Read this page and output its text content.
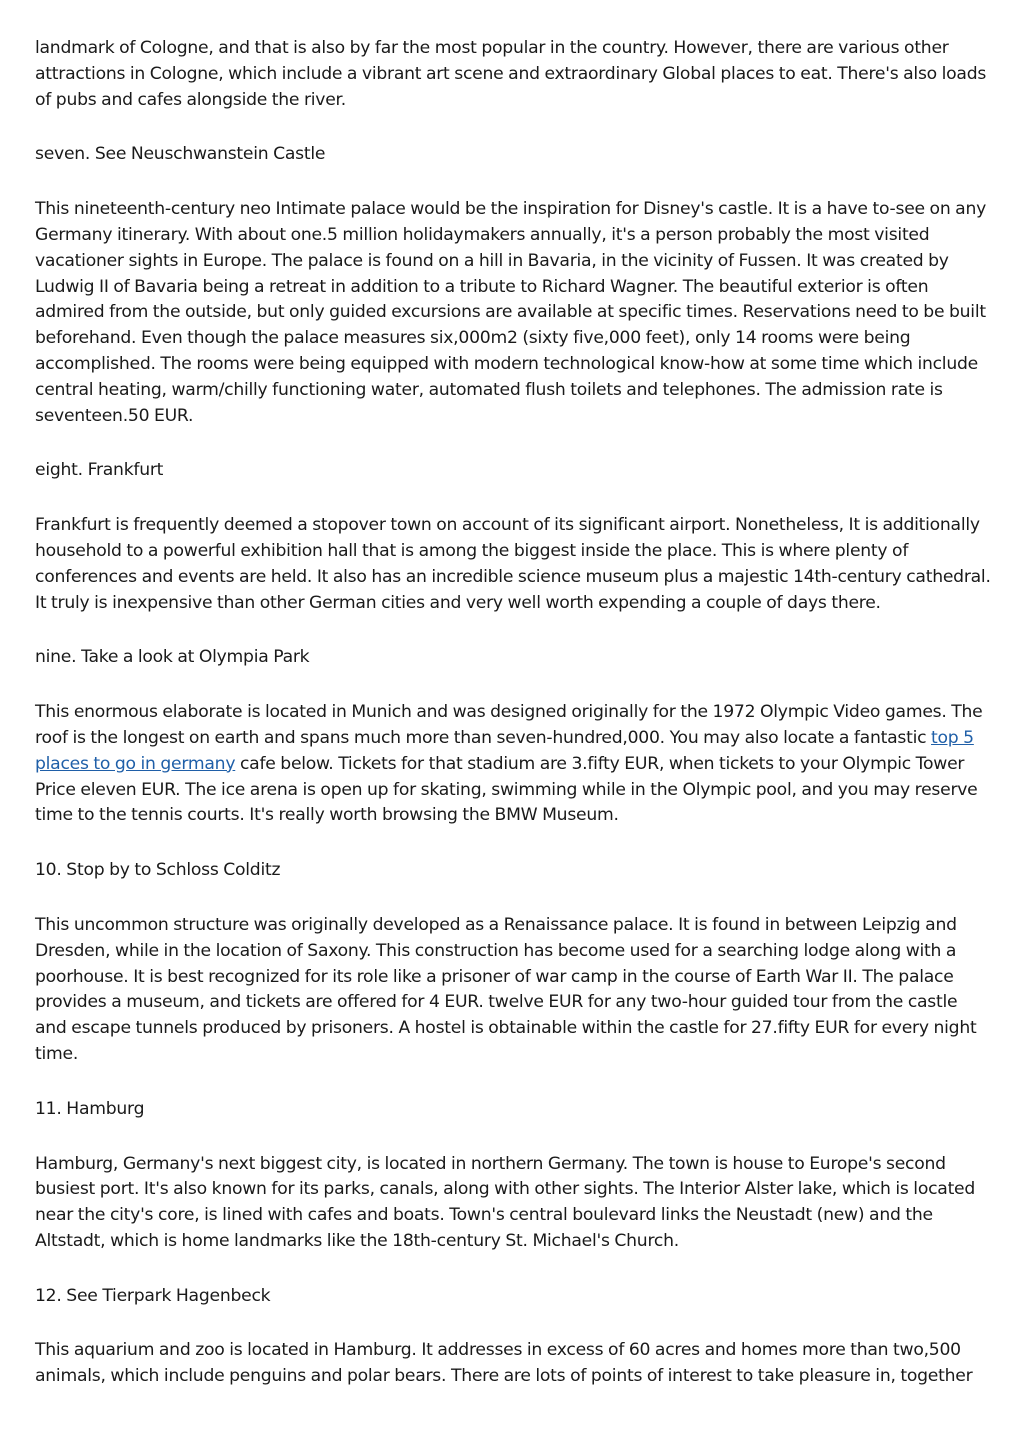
landmark of Cologne, and that is also by far the most popular in the country. However, there are various other attractions in Cologne, which include a vibrant art scene and extraordinary Global places to eat. There's also loads of pubs and cafes alongside the river.

seven. See Neuschwanstein Castle

This nineteenth-century neo Intimate palace would be the inspiration for Disney's castle. It is a have to-see on any Germany itinerary. With about one.5 million holidaymakers annually, it's a person probably the most visited vacationer sights in Europe. The palace is found on a hill in Bavaria, in the vicinity of Fussen. It was created by Ludwig II of Bavaria being a retreat in addition to a tribute to Richard Wagner. The beautiful exterior is often admired from the outside, but only guided excursions are available at specific times. Reservations need to be built beforehand. Even though the palace measures six,000m2 (sixty five,000 feet), only 14 rooms were being accomplished. The rooms were being equipped with modern technological know-how at some time which include central heating, warm/chilly functioning water, automated flush toilets and telephones. The admission rate is seventeen.50 EUR.

eight. Frankfurt

Frankfurt is frequently deemed a stopover town on account of its significant airport. Nonetheless, It is additionally household to a powerful exhibition hall that is among the biggest inside the place. This is where plenty of conferences and events are held. It also has an incredible science museum plus a majestic 14th-century cathedral. It truly is inexpensive than other German cities and very well worth expending a couple of days there.

nine. Take a look at Olympia Park

This enormous elaborate is located in Munich and was designed originally for the 1972 Olympic Video games. The roof is the longest on earth and spans much more than seven-hundred,000. You may also locate a fantastic top 5 places to go in germany cafe below. Tickets for that stadium are 3.fifty EUR, when tickets to your Olympic Tower Price eleven EUR. The ice arena is open up for skating, swimming while in the Olympic pool, and you may reserve time to the tennis courts. It's really worth browsing the BMW Museum.

10. Stop by to Schloss Colditz

This uncommon structure was originally developed as a Renaissance palace. It is found in between Leipzig and Dresden, while in the location of Saxony. This construction has become used for a searching lodge along with a poorhouse. It is best recognized for its role like a prisoner of war camp in the course of Earth War II. The palace provides a museum, and tickets are offered for 4 EUR. twelve EUR for any two-hour guided tour from the castle and escape tunnels produced by prisoners. A hostel is obtainable within the castle for 27.fifty EUR for every night time.

11. Hamburg

Hamburg, Germany's next biggest city, is located in northern Germany. The town is house to Europe's second busiest port. It's also known for its parks, canals, along with other sights. The Interior Alster lake, which is located near the city's core, is lined with cafes and boats. Town's central boulevard links the Neustadt (new) and the Altstadt, which is home landmarks like the 18th-century St. Michael's Church.

12. See Tierpark Hagenbeck

This aquarium and zoo is located in Hamburg. It addresses in excess of 60 acres and homes more than two,500 animals, which include penguins and polar bears. There are lots of points of interest to take pleasure in, together
